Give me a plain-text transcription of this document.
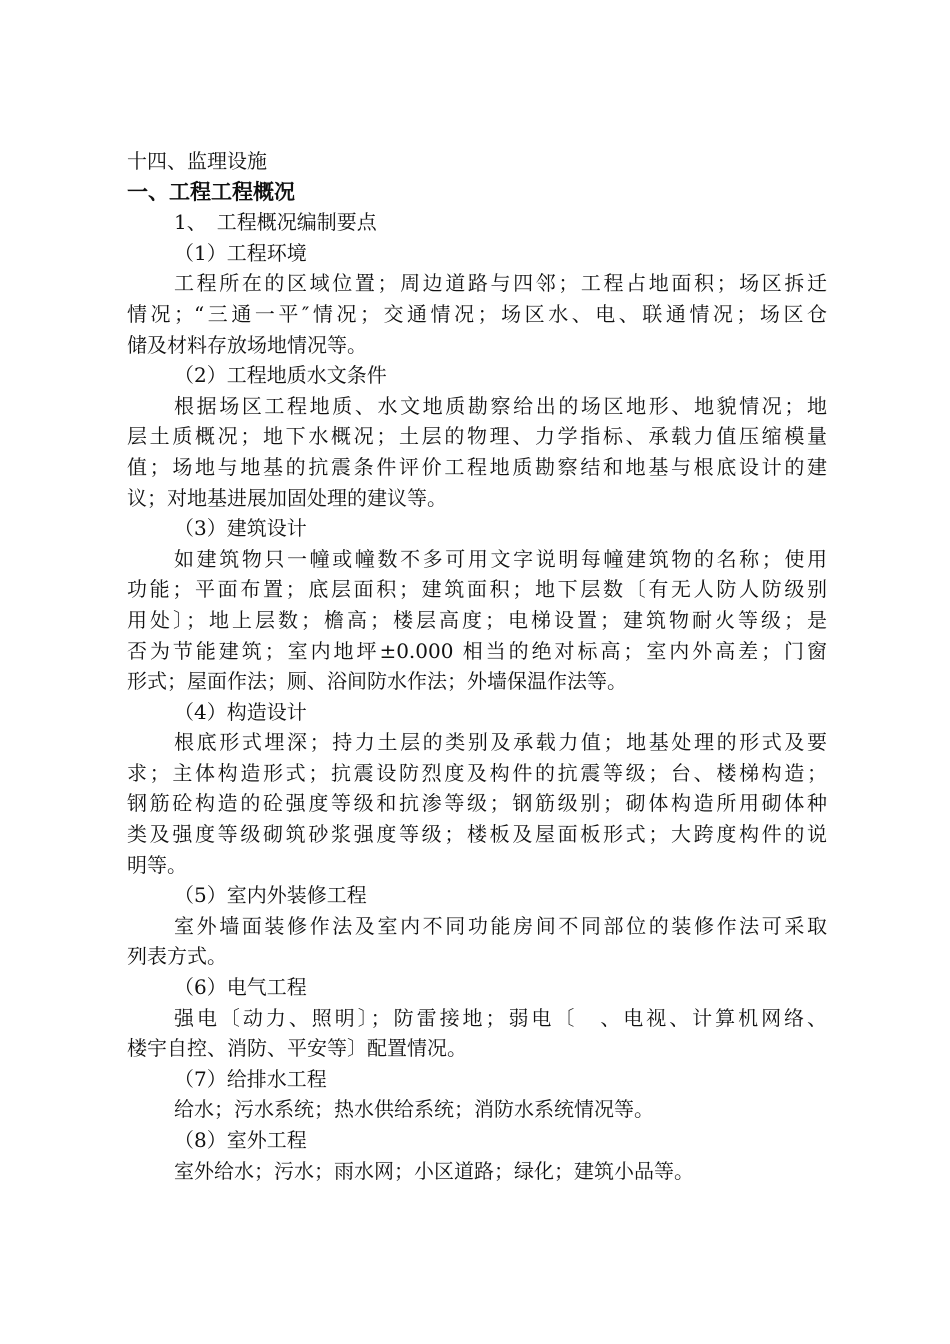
十四、监理设施
一、工程工程概况
1、　工程概况编制要点
（1）工程环境
工程所在的区域位置；周边道路与四邻；工程占地面积；场区拆迁
情况；“三通一平″情况；交通情况；场区水、电、联通情况；场区仓
储及材料存放场地情况等。
（2）工程地质水文条件
根据场区工程地质、水文地质勘察给出的场区地形、地貌情况；地
层土质概况；地下水概况；土层的物理、力学指标、承载力值压缩模量
值；场地与地基的抗震条件评价工程地质勘察结和地基与根底设计的建
议；对地基进展加固处理的建议等。
（3）建筑设计
如建筑物只一幢或幢数不多可用文字说明每幢建筑物的名称；使用
功能；平面布置；底层面积；建筑面积；地下层数〔有无人防人防级别
用处〕；地上层数；檐高；楼层高度；电梯设置；建筑物耐火等级；是
否为节能建筑；室内地坪±0.000 相当的绝对标高；室内外高差；门窗
形式；屋面作法；厕、浴间防水作法；外墙保温作法等。
（4）构造设计
根底形式埋深；持力土层的类别及承载力值；地基处理的形式及要
求；主体构造形式；抗震设防烈度及构件的抗震等级；台、楼梯构造；
钢筋砼构造的砼强度等级和抗渗等级；钢筋级别；砌体构造所用砌体种
类及强度等级砌筑砂浆强度等级；楼板及屋面板形式；大跨度构件的说
明等。
（5）室内外装修工程
室外墙面装修作法及室内不同功能房间不同部位的装修作法可采取
列表方式。
（6）电气工程
强电〔动力、照明〕；防雷接地；弱电〔　、电视、计算机网络、
楼宇自控、消防、平安等〕配置情况。
（7）给排水工程
给水；污水系统；热水供给系统；消防水系统情况等。
（8）室外工程
室外给水；污水；雨水网；小区道路；绿化；建筑小品等。
